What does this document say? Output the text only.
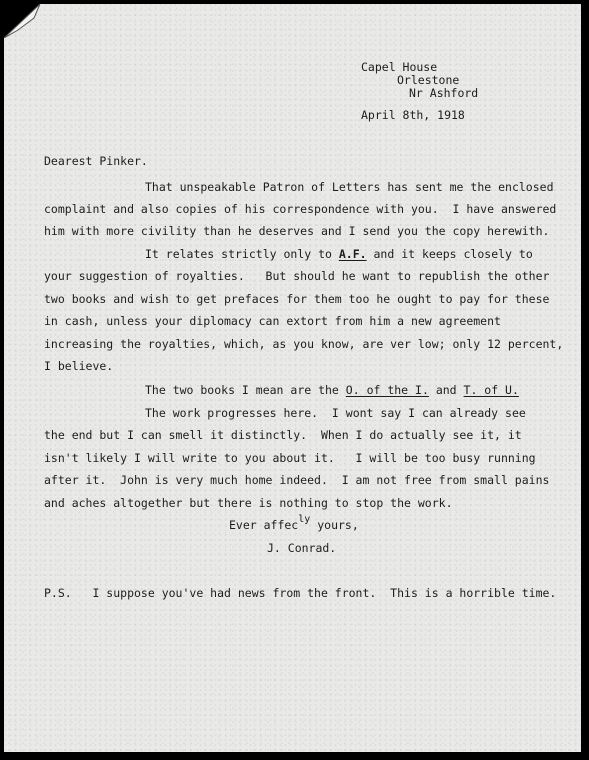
Capel House
Orlestone
Nr Ashford
April 8th, 1918
Dearest Pinker.
That unspeakable Patron of Letters has sent me the enclosed
complaint and also copies of his correspondence with you.  I have answered
him with more civility than he deserves and I send you the copy herewith.
It relates strictly only to A.F. and it keeps closely to
your suggestion of royalties.   But should he want to republish the other
two books and wish to get prefaces for them too he ought to pay for these
in cash, unless your diplomacy can extort from him a new agreement
increasing the royalties, which, as you know, are ver low; only 12 percent,
I believe.
The two books I mean are the O. of the I. and T. of U.
The work progresses here.  I wont say I can already see
the end but I can smell it distinctly.  When I do actually see it, it
isn't likely I will write to you about it.   I will be too busy running
after it.  John is very much home indeed.  I am not free from small pains
and aches altogether but there is nothing to stop the work.
Ever affecly yours,
J. Conrad.
P.S.   I suppose you've had news from the front.  This is a horrible time.
